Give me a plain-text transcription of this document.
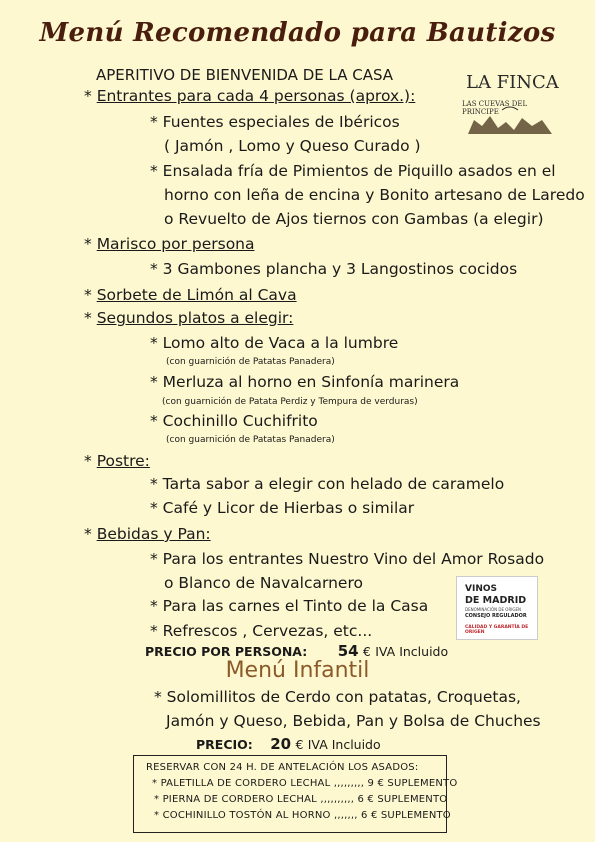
Menú Recomendado para Bautizos
LA FINCA
LAS CUEVAS DEL PRINCIPE
APERITIVO DE BIENVENIDA DE LA CASA
* Entrantes para cada 4 personas (aprox.):
* Fuentes especiales de Ibéricos
( Jamón , Lomo y Queso Curado )
* Ensalada fría de Pimientos de Piquillo asados en el
horno con leña de encina y Bonito artesano de Laredo
o Revuelto de Ajos tiernos con Gambas (a elegir)
* Marisco por persona
* 3 Gambones plancha y 3 Langostinos cocidos
* Sorbete de Limón al Cava
* Segundos platos a elegir:
* Lomo alto de Vaca a la lumbre
(con guarnición de Patatas Panadera)
* Merluza al horno en Sinfonía marinera
(con guarnición de Patata Perdiz y Tempura de verduras)
* Cochinillo Cuchifrito
(con guarnición de Patatas Panadera)
* Postre:
* Tarta sabor a elegir con helado de caramelo
* Café y Licor de Hierbas o similar
* Bebidas y Pan:
* Para los entrantes Nuestro Vino del Amor Rosado
o Blanco de Navalcarnero
* Para las carnes el Tinto de la Casa
* Refrescos , Cervezas, etc...
VINOS
DE MADRID
DENOMINACIÓN DE ORIGEN
CONSEJO REGULADOR
CALIDAD Y GARANTÍA DE ORIGEN
PRECIO POR PERSONA: 54 € IVA Incluido
Menú Infantil
* Solomillitos de Cerdo con patatas, Croquetas,
Jamón y Queso, Bebida, Pan y Bolsa de Chuches
PRECIO: 20 € IVA Incluido
RESERVAR CON 24 H. DE ANTELACIÓN LOS ASADOS:
* PALETILLA DE CORDERO LECHAL ,,,,,,,,, 9 € SUPLEMENTO
* PIERNA DE CORDERO LECHAL ,,,,,,,,,, 6 € SUPLEMENTO
* COCHINILLO TOSTÓN AL HORNO ,,,,,,, 6 € SUPLEMENTO
